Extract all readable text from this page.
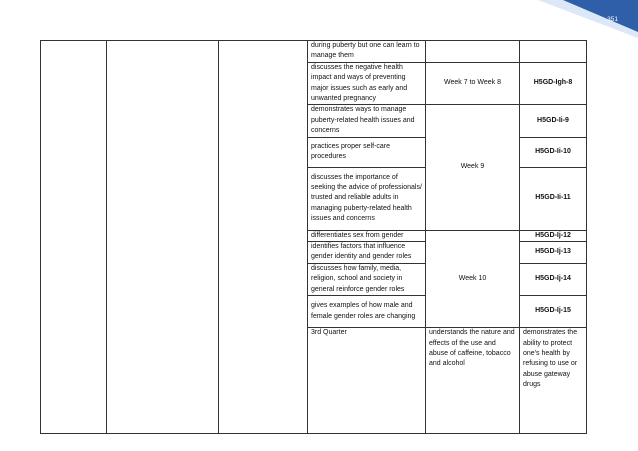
351
			during puberty but one can learn to manage them			
			discusses the negative health impact and ways of preventing major issues such as early and unwanted pregnancy	Week 7 to Week 8	H5GD-Igh-8	
			demonstrates ways to manage puberty-related health issues and concerns	Week 9	H5GD-Ii-9	
			practices proper self-care procedures		H5GD-Ii-10	
			discusses the importance of seeking the advice of professionals/ trusted and reliable adults in managing puberty-related health issues and concerns		H5GD-Ii-11	
			differentiates sex from gender	Week 10	H5GD-Ij-12	
			identifies factors that influence gender identity and gender roles		H5GD-Ij-13	
			discusses how family, media, religion, school and society in general reinforce gender roles		H5GD-Ij-14	
			gives examples of how male and female gender roles are changing		H5GD-Ij-15	
			3rd Quarter	understands the nature and effects of the use and abuse of caffeine, tobacco and alcohol	demonstrates the ability to protect one's health by refusing to use or abuse gateway drugs			
